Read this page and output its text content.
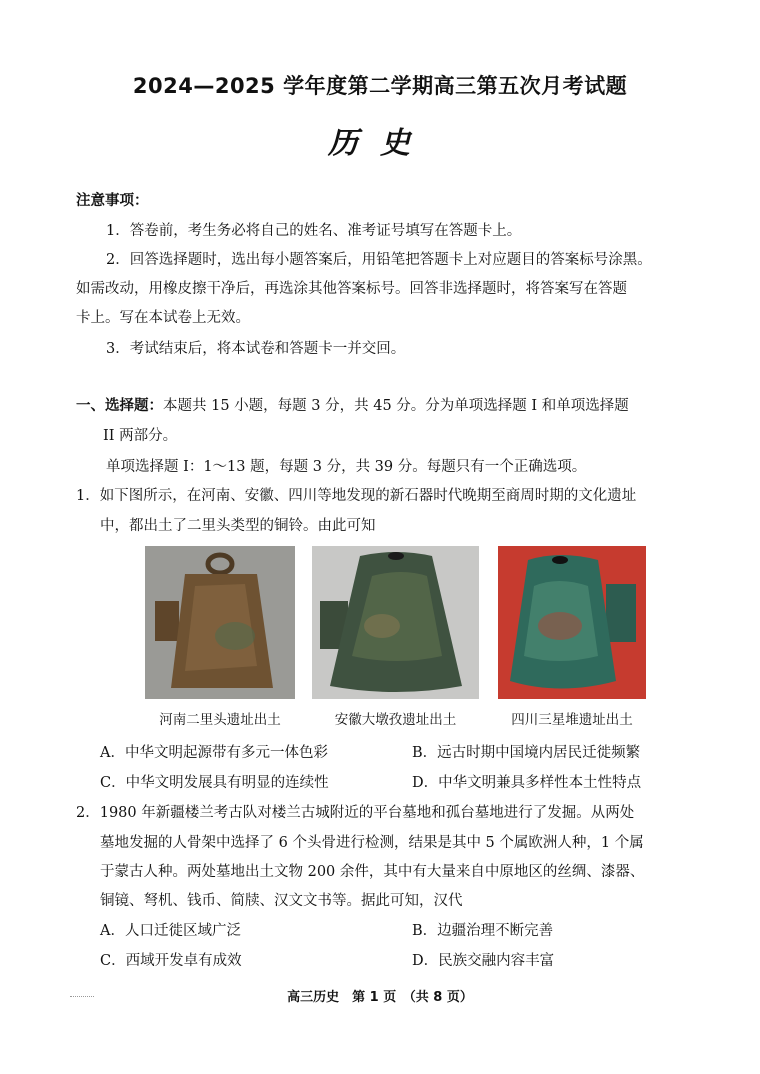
2024—2025 学年度第二学期高三第五次月考试题
历史
注意事项：
1．答卷前，考生务必将自己的姓名、准考证号填写在答题卡上。
2．回答选择题时，选出每小题答案后，用铅笔把答题卡上对应题目的答案标号涂黑。
如需改动，用橡皮擦干净后，再选涂其他答案标号。回答非选择题时，将答案写在答题
卡上。写在本试卷上无效。
3．考试结束后，将本试卷和答题卡一并交回。
一、选择题：本题共 15 小题，每题 3 分，共 45 分。分为单项选择题 I 和单项选择题
II 两部分。
单项选择题 I：1～13 题，每题 3 分，共 39 分。每题只有一个正确选项。
1．如下图所示，在河南、安徽、四川等地发现的新石器时代晚期至商周时期的文化遗址
中，都出土了二里头类型的铜铃。由此可知
河南二里头遗址出土	安徽大墩孜遗址出土	四川三星堆遗址出土
A．中华文明起源带有多元一体色彩	B．远古时期中国境内居民迁徙频繁
C．中华文明发展具有明显的连续性	D．中华文明兼具多样性本土性特点
2．1980 年新疆楼兰考古队对楼兰古城附近的平台墓地和孤台墓地进行了发掘。从两处
墓地发掘的人骨架中选择了 6 个头骨进行检测，结果是其中 5 个属欧洲人种，1 个属
于蒙古人种。两处墓地出土文物 200 余件，其中有大量来自中原地区的丝绸、漆器、
铜镜、弩机、钱币、简牍、汉文文书等。据此可知，汉代
A．人口迁徙区域广泛	B．边疆治理不断完善
C．西域开发卓有成效	D．民族交融内容丰富
高三历史　第 1 页　（共 8 页）
